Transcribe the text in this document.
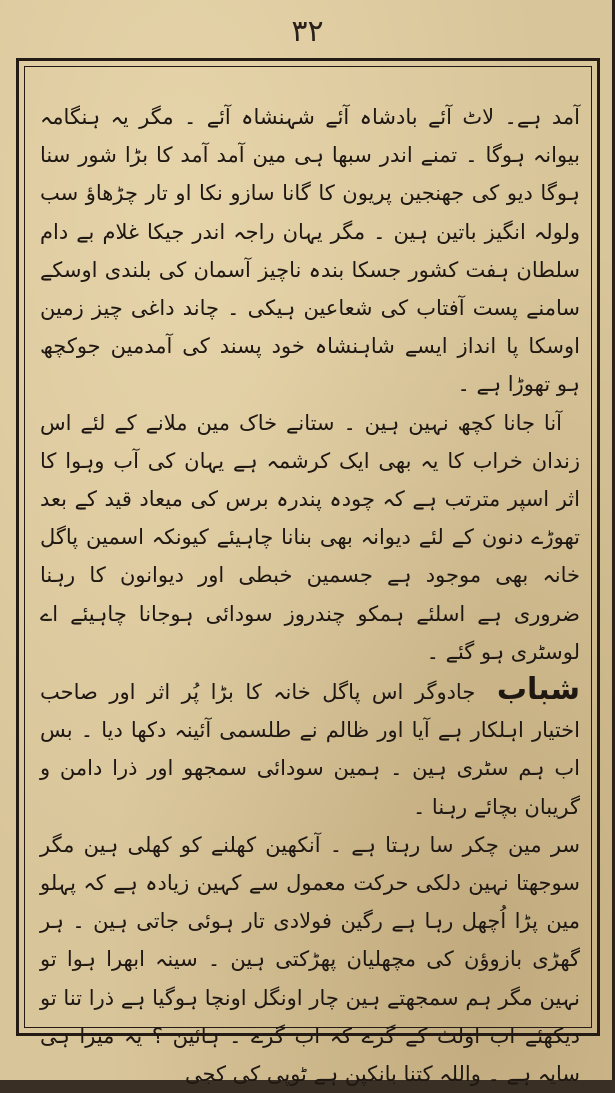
۳۲

آمد ہے۔ لاٹ آئے بادشاہ آئے شہنشاہ آئے ۔ مگر یہ ہنگامہ بیوانہ ہوگا ۔ تمنے اندر سبھا ہی مین آمد آمد کا بڑا شور سنا ہوگا دیو کی جھنجین پریون کا گانا سازو نکا او تار چڑھاؤ سب ولولہ انگیز باتین ہین ۔ مگر یہان راجہ اندر جیکا غلام بے دام سلطان ہفت کشور جسکا بندہ ناچیز آسمان کی بلندی اوسکے سامنے پست آفتاب کی شعاعین ہیکی ۔ چاند داغی چیز زمین اوسکا پا انداز ایسے شاہنشاہ خود پسند کی آمدمین جوکچھ ہو تھوڑا ہے ۔

آنا جانا کچھ نہین ہین ۔ ستانے خاک مین ملانے کے لئے اس زندان خراب کا یہ بھی ایک کرشمہ ہے یہان کی آب وہوا کا اثر اسپر مترتب ہے کہ چودہ پندرہ برس کی میعاد قید کے بعد تھوڑے دنون کے لئے دیوانہ بھی بنانا چاہیئے کیونکہ اسمین پاگل خانہ بھی موجود ہے جسمین خبطی اور دیوانون کا رہنا ضروری ہے اسلئے ہمکو چندروز سودائی ہوجانا چاہیئے اے لوسٹری ہو گئے ۔

شباب جادوگر اس پاگل خانہ کا بڑا پُر اثر اور صاحب اختیار اہلکار ہے آیا اور ظالم نے طلسمی آئینہ دکھا دیا ۔ بس اب ہم سٹری ہین ۔ ہمین سودائی سمجھو اور ذرا دامن و گریبان بچائے رہنا ۔

سر مین چکر سا رہتا ہے ۔ آنکھین کھلنے کو کھلی ہین مگر سوجھتا نہین دلکی حرکت معمول سے کہین زیادہ ہے کہ پہلو مین پڑا اُچھل رہا ہے رگین فولادی تار ہوئی جاتی ہین ۔ ہر گھڑی بازوؤن کی مچھلیان پھڑکتی ہین ۔ سینہ ابھرا ہوا تو نہین مگر ہم سمجھتے ہین چار اونگل اونچا ہوگیا ہے ذرا تنا تو دیکھئے اب اولٹ کے گرے کہ اب گرے ۔ ہائین ؟ یہ میرا ہی سایہ ہے ۔ واللہ کتنا بانکپن ہے ٹوپی کی کجی
